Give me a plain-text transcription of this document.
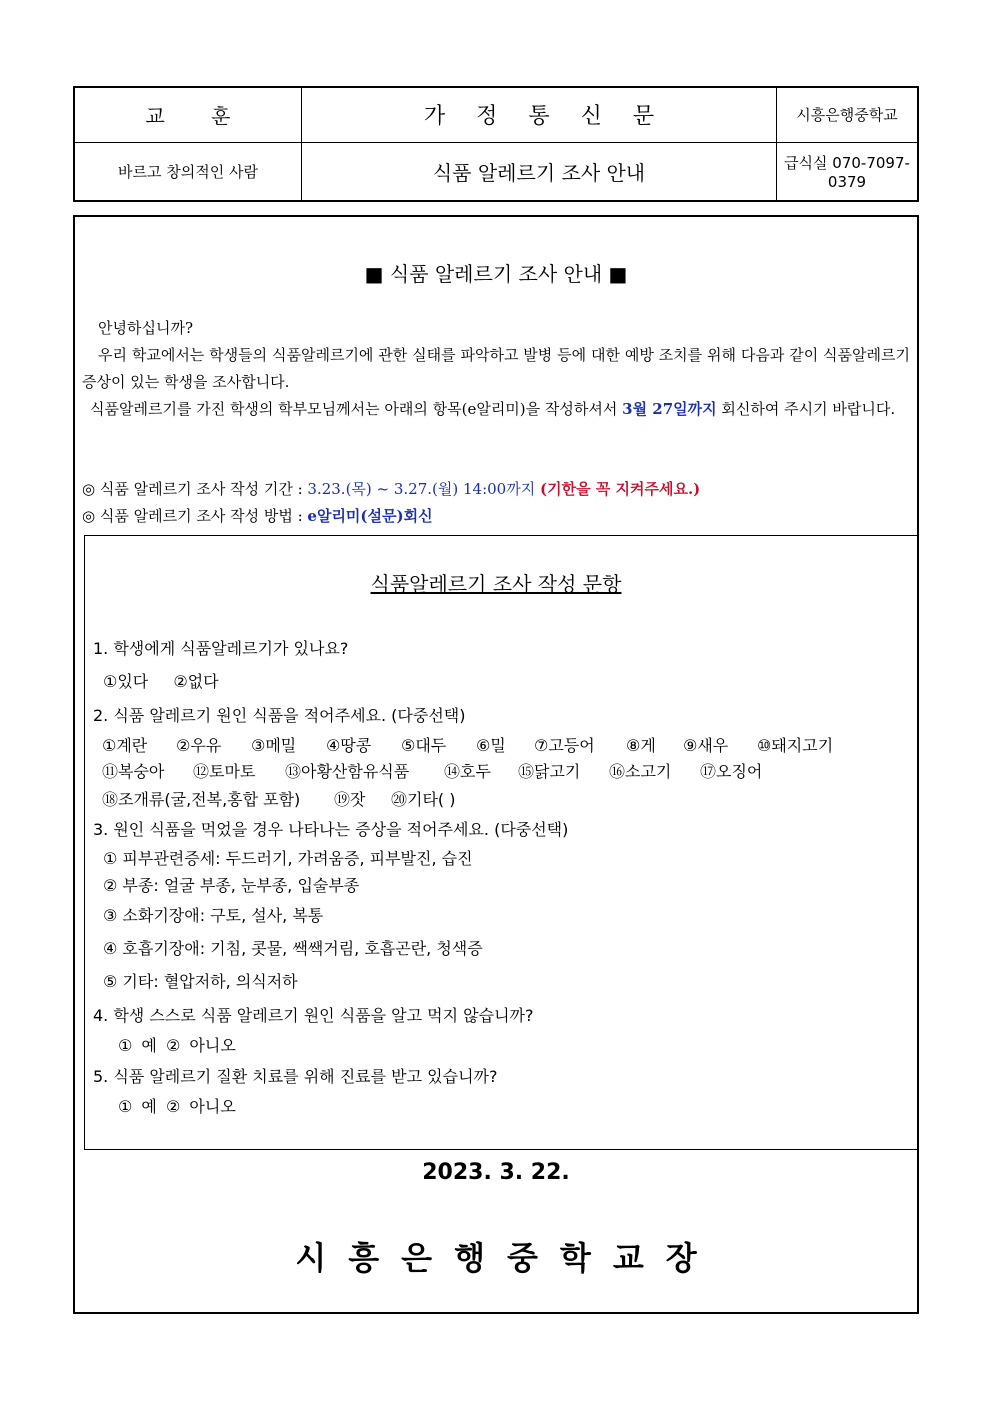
교 훈	가 정 통 신 문	시흥은행중학교
바르고 창의적인 사람	식품 알레르기 조사 안내	급식실 070-7097-0379
■ 식품 알레르기 조사 안내 ■

안녕하십니까?

우리 학교에서는 학생들의 식품알레르기에 관한 실태를 파악하고 발병 등에 대한 예방 조치를 위해 다음과 같이 식품알레르기 증상이 있는 학생을 조사합니다.

식품알레르기를 가진 학생의 학부모님께서는 아래의 항목(e알리미)을 작성하셔서 3월 27일까지 회신하여 주시기 바랍니다.

◎ 식품 알레르기 조사 작성 기간 : 3.23.(목) ~ 3.27.(월) 14:00까지 (기한을 꼭 지켜주세요.)
◎ 식품 알레르기 조사 작성 방법 : e알리미(설문)회신
식품알레르기 조사 작성 문항
1. 학생에게 식품알레르기가 있나요?
①있다 ②없다
2. 식품 알레르기 원인 식품을 적어주세요. (다중선택)
①계란 ②우유 ③메밀 ④땅콩 ⑤대두 ⑥밀 ⑦고등어 ⑧게 ⑨새우 ⑩돼지고기
⑪복숭아 ⑫토마토 ⑬아황산함유식품 ⑭호두 ⑮닭고기 ⑯소고기 ⑰오징어
⑱조개류(굴,전복,홍합 포함) ⑲잣 ⑳기타( )
3. 원인 식품을 먹었을 경우 나타나는 증상을 적어주세요. (다중선택)
① 피부관련증세: 두드러기, 가려움증, 피부발진, 습진
② 부종: 얼굴 부종, 눈부종, 입술부종
③ 소화기장애: 구토, 설사, 복통
④ 호흡기장애: 기침, 콧물, 쌕쌕거림, 호흡곤란, 청색증
⑤ 기타: 혈압저하, 의식저하
4. 학생 스스로 식품 알레르기 원인 식품을 알고 먹지 않습니까?
① 예 ② 아니오
5. 식품 알레르기 질환 치료를 위해 진료를 받고 있습니까?
① 예 ② 아니오
2023. 3. 22.
시흥은행중학교장
